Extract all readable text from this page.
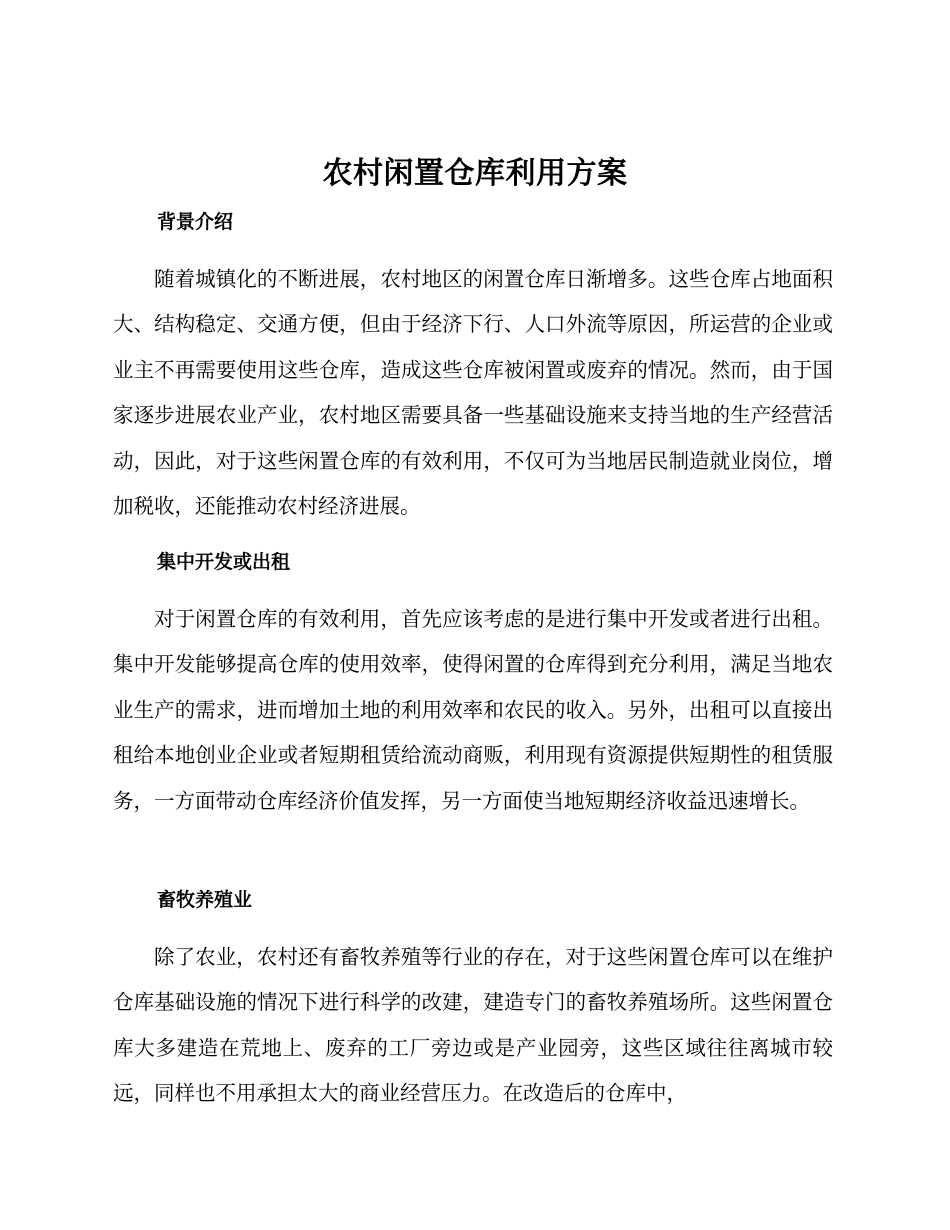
农村闲置仓库利用方案
背景介绍

随着城镇化的不断进展，农村地区的闲置仓库日渐增多。这些仓库占地面积大、结构稳定、交通方便，但由于经济下行、人口外流等原因，所运营的企业或业主不再需要使用这些仓库，造成这些仓库被闲置或废弃的情况。然而，由于国家逐步进展农业产业，农村地区需要具备一些基础设施来支持当地的生产经营活动，因此，对于这些闲置仓库的有效利用，不仅可为当地居民制造就业岗位，增加税收，还能推动农村经济进展。

集中开发或出租

对于闲置仓库的有效利用，首先应该考虑的是进行集中开发或者进行出租。集中开发能够提高仓库的使用效率，使得闲置的仓库得到充分利用，满足当地农业生产的需求，进而增加土地的利用效率和农民的收入。另外，出租可以直接出租给本地创业企业或者短期租赁给流动商贩，利用现有资源提供短期性的租赁服务，一方面带动仓库经济价值发挥，另一方面使当地短期经济收益迅速增长。

畜牧养殖业

除了农业，农村还有畜牧养殖等行业的存在，对于这些闲置仓库可以在维护仓库基础设施的情况下进行科学的改建，建造专门的畜牧养殖场所。这些闲置仓库大多建造在荒地上、废弃的工厂旁边或是产业园旁，这些区域往往离城市较远，同样也不用承担太大的商业经营压力。在改造后的仓库中，
